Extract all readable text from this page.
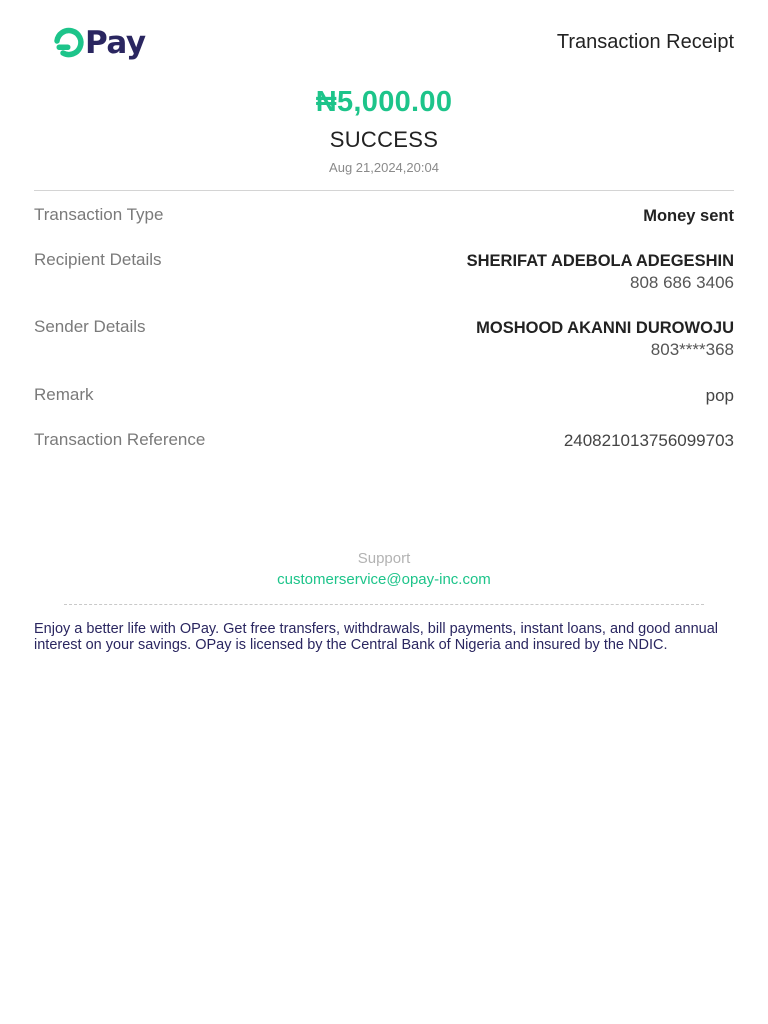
Pay	Transaction Receipt
₦5,000.00
SUCCESS
Aug 21,2024,20:04
Transaction Type	Money sent
Recipient Details	SHERIFAT ADEBOLA ADEGESHIN
808 686 3406
Sender Details	MOSHOOD AKANNI DUROWOJU
803****368
Remark	pop
Transaction Reference	240821013756099703
Support
customerservice@opay-inc.com
Enjoy a better life with OPay. Get free transfers, withdrawals, bill payments, instant loans, and good annual interest on your savings. OPay is licensed by the Central Bank of Nigeria and insured by the NDIC.
